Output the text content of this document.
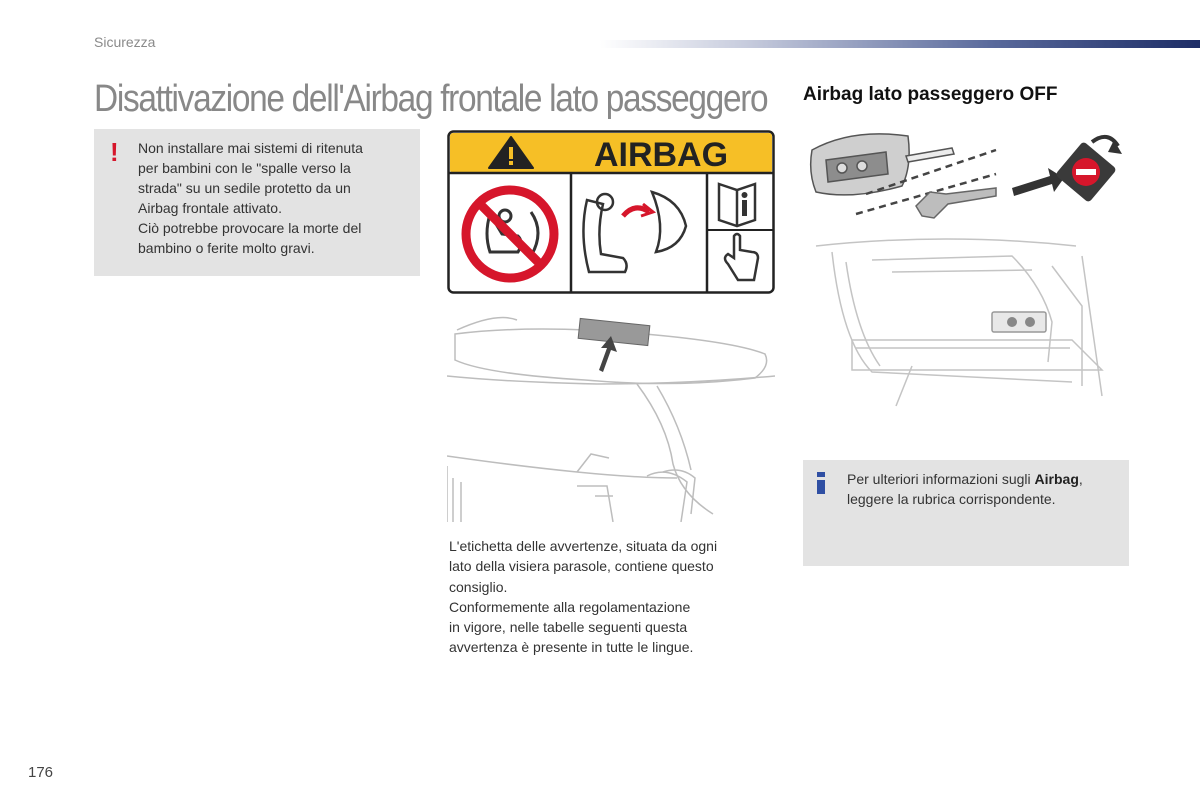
Sicurezza
Disattivazione dell'Airbag frontale lato passeggero Airbag lato passeggero OFF
! Non installare mai sistemi di ritenuta
per bambini con le "spalle verso la
strada" su un sedile protetto da un
Airbag frontale attivato.
Ciò potrebbe provocare la morte del
bambino o ferite molto gravi.
AIRBAG
L'etichetta delle avvertenze, situata da ogni
lato della visiera parasole, contiene questo
consiglio.
Conformemente alla regolamentazione
in vigore, nelle tabelle seguenti questa
avvertenza è presente in tutte le lingue.
Per ulteriori informazioni sugli Airbag,
leggere la rubrica corrispondente.
176
